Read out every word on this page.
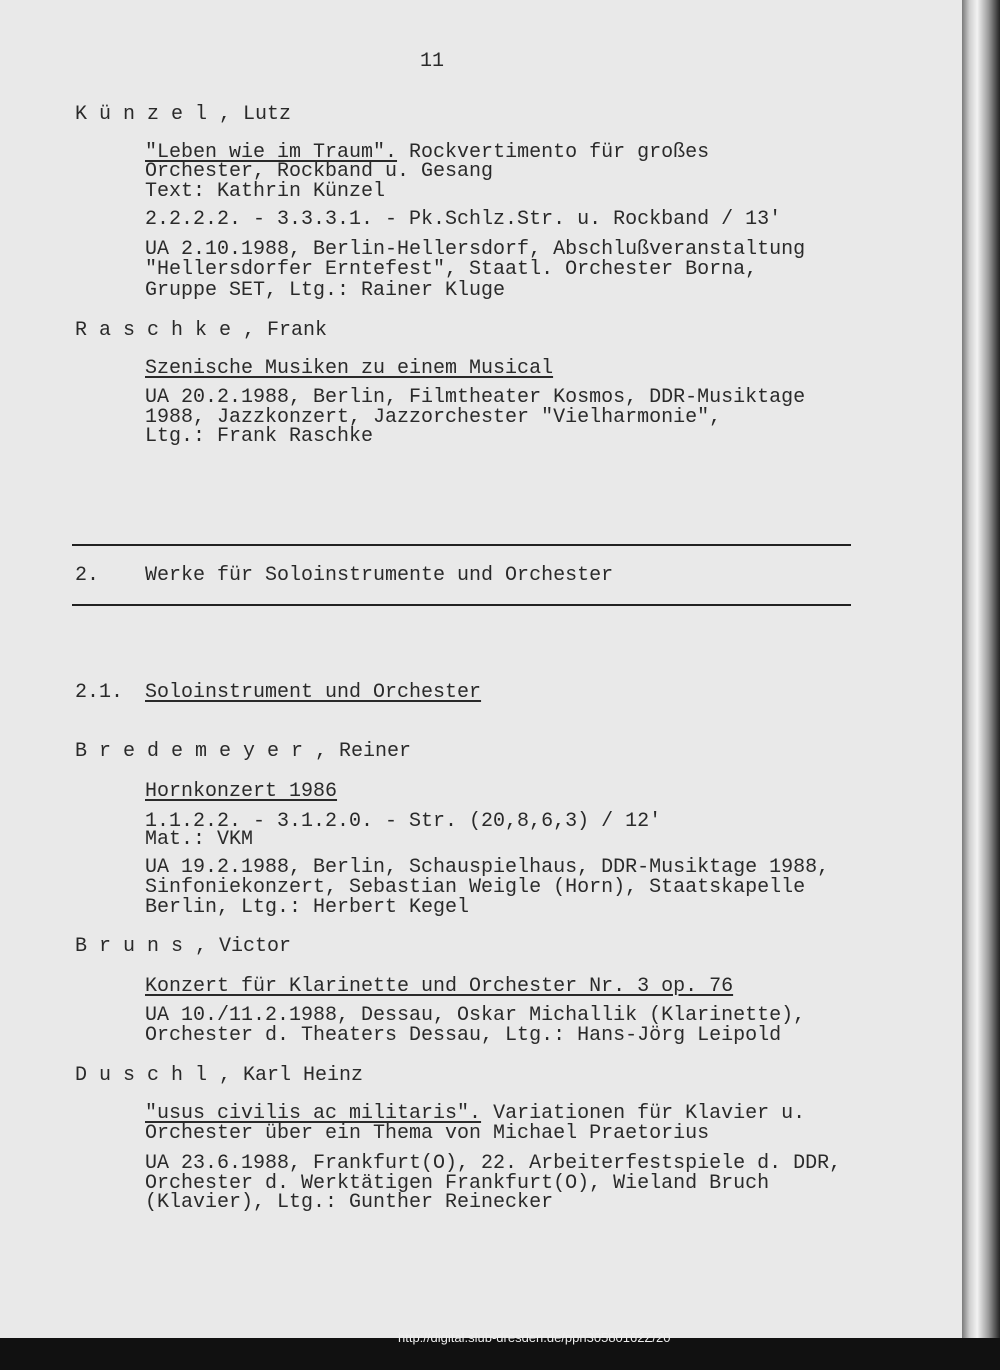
http://digital.slub-dresden.de/ppn30580162Z/20
11
Künzel, Lutz
"Leben wie im Traum". Rockvertimento für großes
Orchester, Rockband u. Gesang
Text: Kathrin Künzel
2.2.2.2. - 3.3.3.1. - Pk.Schlz.Str. u. Rockband / 13'
UA 2.10.1988, Berlin-Hellersdorf, Abschlußveranstaltung
"Hellersdorfer Erntefest", Staatl. Orchester Borna,
Gruppe SET, Ltg.: Rainer Kluge
Raschke, Frank
Szenische Musiken zu einem Musical
UA 20.2.1988, Berlin, Filmtheater Kosmos, DDR-Musiktage
1988, Jazzkonzert, Jazzorchester "Vielharmonie",
Ltg.: Frank Raschke
2. Werke für Soloinstrumente und Orchester
2.1. Soloinstrument und Orchester
Bredemeyer, Reiner
Hornkonzert 1986
1.1.2.2. - 3.1.2.0. - Str. (20,8,6,3) / 12'
Mat.: VKM
UA 19.2.1988, Berlin, Schauspielhaus, DDR-Musiktage 1988,
Sinfoniekonzert, Sebastian Weigle (Horn), Staatskapelle
Berlin, Ltg.: Herbert Kegel
Bruns, Victor
Konzert für Klarinette und Orchester Nr. 3 op. 76
UA 10./11.2.1988, Dessau, Oskar Michallik (Klarinette),
Orchester d. Theaters Dessau, Ltg.: Hans-Jörg Leipold
Duschl, Karl Heinz
"usus civilis ac militaris". Variationen für Klavier u.
Orchester über ein Thema von Michael Praetorius
UA 23.6.1988, Frankfurt(O), 22. Arbeiterfestspiele d. DDR,
Orchester d. Werktätigen Frankfurt(O), Wieland Bruch
(Klavier), Ltg.: Gunther Reinecker
